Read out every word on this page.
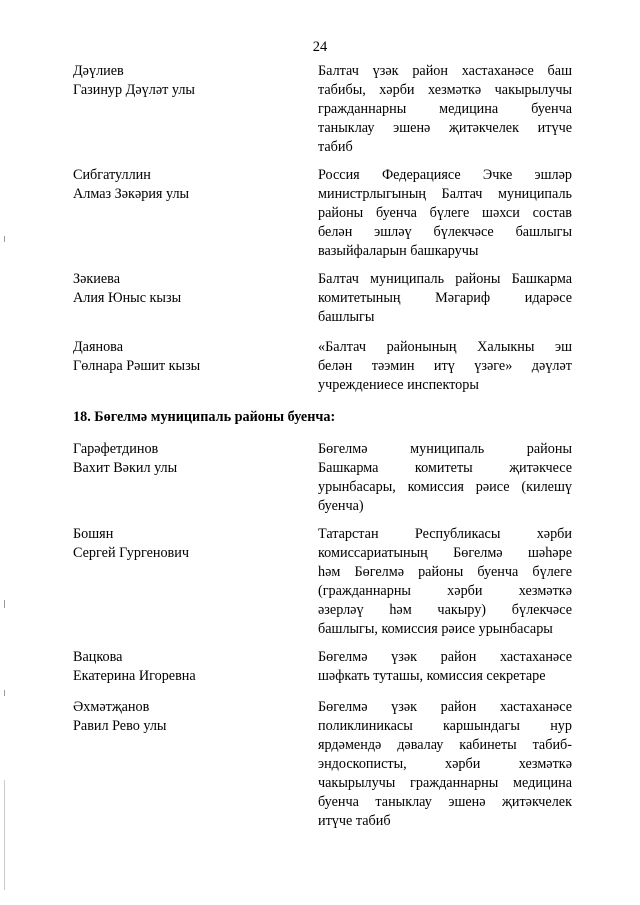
24
Дәүлиев
Газинур Дәүләт улы
Балтач үзәк район хастаханәсе баш
табибы, хәрби хезмәткә чакырылучы
гражданнарны медицина буенча
таныклау эшенә җитәкчелек итүче
табиб
Сибгатуллин
Алмаз Зәкәрия улы
Россия Федерациясе Эчке эшләр
министрлыгының Балтач муниципаль
районы буенча бүлеге шәхси состав
белән эшләү бүлекчәсе башлыгы
вазыйфаларын башкаручы
Зәкиева
Алия Юныс кызы
Балтач муниципаль районы Башкарма
комитетының Мәгариф идарәсе
башлыгы
Даянова
Гөлнара Рәшит кызы
«Балтач районының Халыкны эш
белән тәэмин итү үзәге» дәүләт
учреждениесе инспекторы
18. Бөгелмә муниципаль районы буенча:
Гарәфетдинов
Вахит Вәкил улы
Бөгелмә муниципаль районы
Башкарма комитеты җитәкчесе
урынбасары, комиссия рәисе (килешү
буенча)
Бошян
Сергей Гургенович
Татарстан Республикасы хәрби
комиссариатының Бөгелмә шәһәре
һәм Бөгелмә районы буенча бүлеге
(гражданнарны хәрби хезмәткә
әзерләү һәм чакыру) бүлекчәсе
башлыгы, комиссия рәисе урынбасары
Вацкова
Екатерина Игоревна
Бөгелмә үзәк район хастаханәсе
шәфкать туташы, комиссия секретаре
Әхмәтҗанов
Равил Рево улы
Бөгелмә үзәк район хастаханәсе
поликлиникасы каршындагы нур
ярдәмендә дәвалау кабинеты табиб-
эндоскописты, хәрби хезмәткә
чакырылучы гражданнарны медицина
буенча таныклау эшенә җитәкчелек
итүче табиб
